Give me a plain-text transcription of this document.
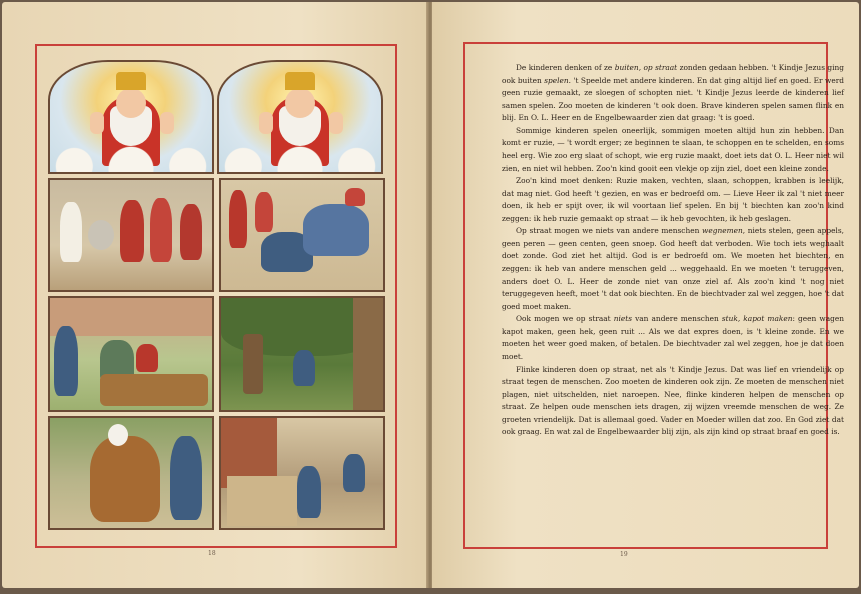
18

De kinderen denken of ze buiten, op straat zonden gedaan hebben. 't Kindje Jezus ging ook buiten spelen. 't Speelde met andere kinderen. En dat ging altijd lief en goed. Er werd geen ruzie gemaakt, ze sloegen of schopten niet. 't Kindje Jezus leerde de kinderen lief samen spelen. Zoo moeten de kinderen 't ook doen. Brave kinderen spelen samen flink en blij. En O. L. Heer en de Engelbewaarder zien dat graag: 't is goed.

Sommige kinderen spelen oneerlijk, sommigen moeten altijd hun zin hebben. Dan komt er ruzie, — 't wordt erger; ze beginnen te slaan, te schoppen en te schelden, en soms heel erg. Wie zoo erg slaat of schopt, wie erg ruzie maakt, doet iets dat O. L. Heer niet wil zien, en niet wil hebben. Zoo'n kind gooit een vlekje op zijn ziel, doet een kleine zonde.

Zoo'n kind moet denken: Ruzie maken, vechten, slaan, schoppen, krabben is leelijk, dat mag niet. God heeft 't gezien, en was er bedroefd om. — Lieve Heer ik zal 't niet meer doen, ik heb er spijt over, ik wil voortaan lief spelen. En bij 't biechten kan zoo'n kind zeggen: ik heb ruzie gemaakt op straat — ik heb gevochten, ik heb geslagen.

Op straat mogen we niets van andere menschen wegnemen, niets stelen, geen appels, geen peren — geen centen, geen snoep. God heeft dat verboden. Wie toch iets weghaalt doet zonde. God ziet het altijd. God is er bedroefd om. We moeten het biechten, en zeggen: ik heb van andere menschen geld ... weggehaald. En we moeten 't teruggeven, anders doet O. L. Heer de zonde niet van onze ziel af. Als zoo'n kind 't nog niet teruggegeven heeft, moet 't dat ook biechten. En de biechtvader zal wel zeggen, hoe 't dat goed moet maken.

Ook mogen we op straat niets van andere menschen stuk, kapot maken: geen wagen kapot maken, geen hek, geen ruit ... Als we dat expres doen, is 't kleine zonde. En we moeten het weer goed maken, of betalen. De biechtvader zal wel zeggen, hoe je dat doen moet.

Flinke kinderen doen op straat, net als 't Kindje Jezus. Dat was lief en vriendelijk op straat tegen de menschen. Zoo moeten de kinderen ook zijn. Ze moeten de menschen niet plagen, niet uitschelden, niet naroepen. Nee, flinke kinderen helpen de menschen op straat. Ze helpen oude menschen iets dragen, zij wijzen vreemde menschen de weg. Ze groeten vriendelijk. Dat is allemaal goed. Vader en Moeder willen dat zoo. En God ziet dat ook graag. En wat zal de Engelbewaarder blij zijn, als zijn kind op straat braaf en goed is.

19
